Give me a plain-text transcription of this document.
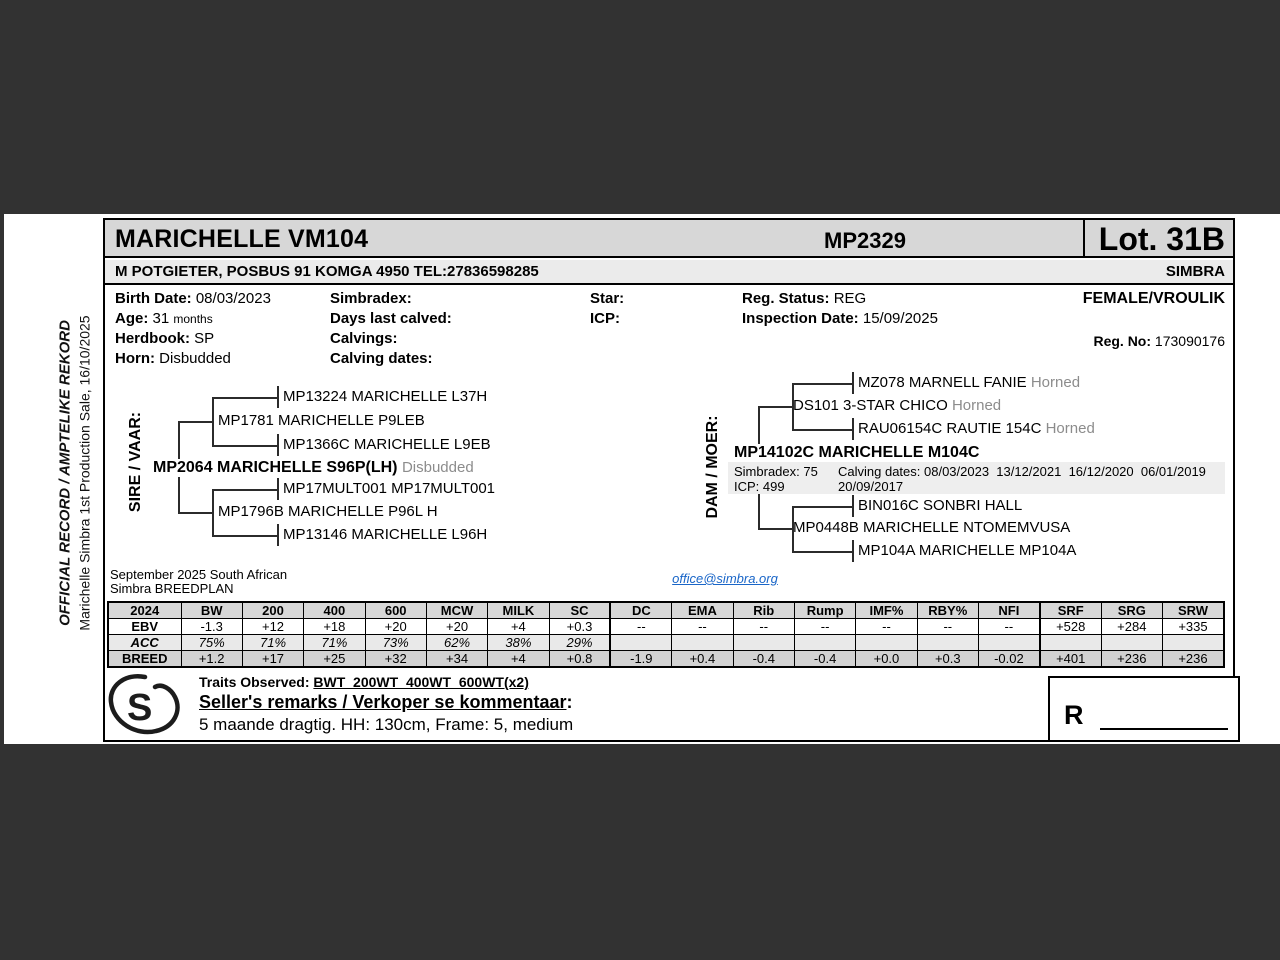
OFFICIAL RECORD / AMPTELIKE REKORD Marichelle Simbra 1st Production Sale, 16/10/2025
MARICHELLE VM104	MP2329	Lot. 31B
M POTGIETER, POSBUS 91 KOMGA 4950 TEL:27836598285	SIMBRA
Birth Date: 08/03/2023
Age: 31 months
Herdbook: SP
Horn: Disbudded
Simbradex:
Days last calved:
Calvings:
Calving dates:
Star:
ICP:
Reg. Status: REG
Inspection Date: 15/09/2025
FEMALE/VROULIK
Reg. No: 173090176
SIRE / VAAR:
MP13224 MARICHELLE L37H
MP1781 MARICHELLE P9LEB
MP1366C MARICHELLE L9EB
MP2064 MARICHELLE S96P(LH) Disbudded
MP17MULT001 MP17MULT001
MP1796B MARICHELLE P96L H
MP13146 MARICHELLE L96H
DAM / MOER:
MZ078 MARNELL FANIE Horned
DS101 3-STAR CHICO Horned
RAU06154C RAUTIE 154C Horned
MP14102C MARICHELLE M104C
Simbradex: 75
ICP: 499
Calving dates: 08/03/2023  13/12/2021  16/12/2020  06/01/2019
20/09/2017
BIN016C SONBRI HALL
MP0448B MARICHELLE NTOMEMVUSA
MP104A MARICHELLE MP104A
September 2025 South African
Simbra BREEDPLAN
office@simbra.org
2024	BW	200	400	600	MCW	MILK	SC	DC	EMA	Rib	Rump	IMF%	RBY%	NFI	SRF	SRG	SRW
EBV	-1.3	+12	+18	+20	+20	+4	+0.3	--	--	--	--	--	--	--	+528	+284	+335
ACC	75%	71%	71%	73%	62%	38%	29%										
BREED	+1.2	+17	+25	+32	+34	+4	+0.8	-1.9	+0.4	-0.4	-0.4	+0.0	+0.3	-0.02	+401	+236	+236
S
Traits Observed: BWT  200WT  400WT  600WT(x2)
Seller's remarks / Verkoper se kommentaar:
5 maande dragtig. HH: 130cm, Frame: 5, medium	R
